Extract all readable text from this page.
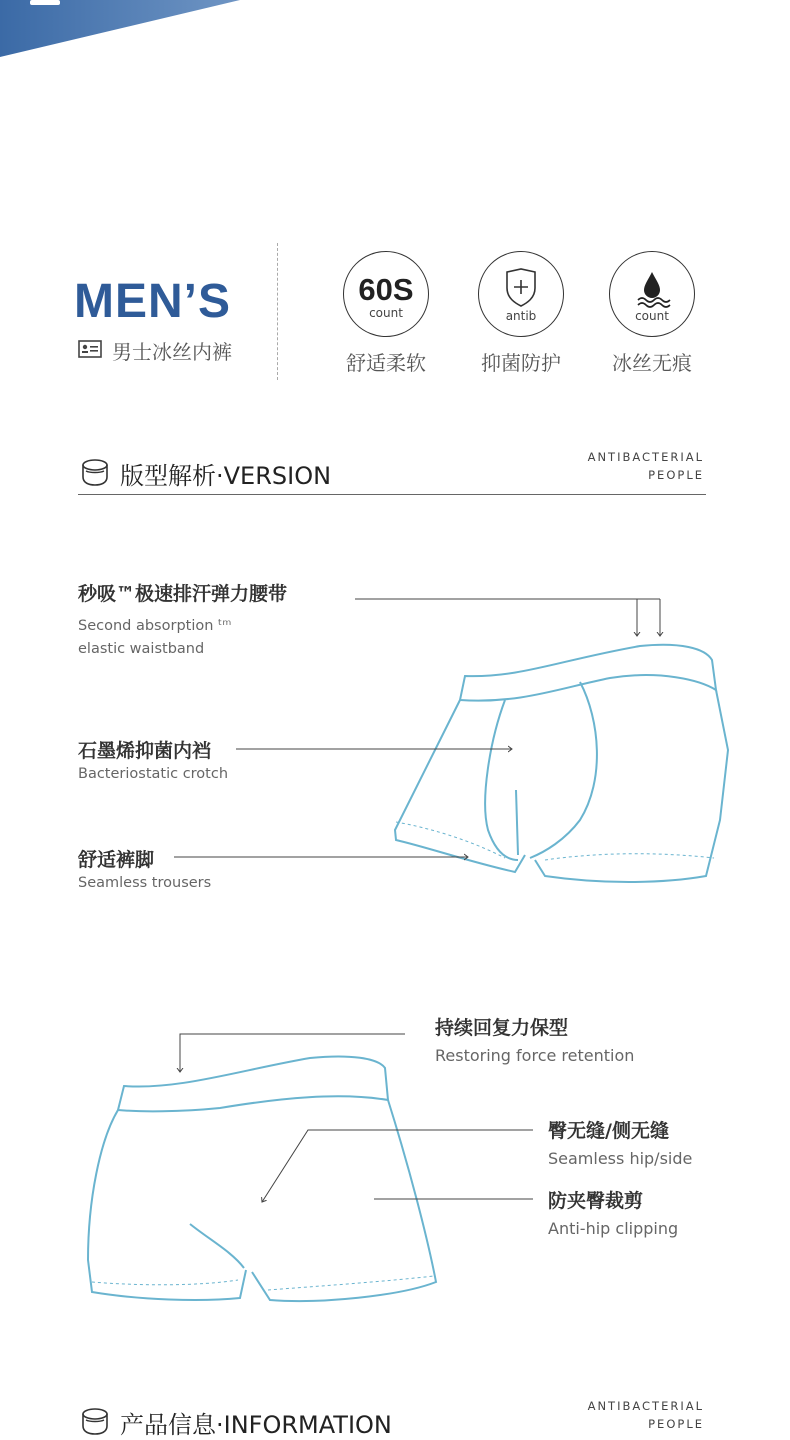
MEN’S
男士冰丝内裤
60S
count
舒适柔软
antib
抑菌防护
count
冰丝无痕
版型解析·VERSION
ANTIBACTERIAL
PEOPLE
秒吸™极速排汗弹力腰带
Second absorption ᵗᵐ
elastic waistband
石墨烯抑菌内裆
Bacteriostatic crotch
舒适裤脚
Seamless trousers
持续回复力保型
Restoring force retention
臀无缝/侧无缝
Seamless hip/side
防夹臀裁剪
Anti-hip clipping
产品信息·INFORMATION
ANTIBACTERIAL
PEOPLE
